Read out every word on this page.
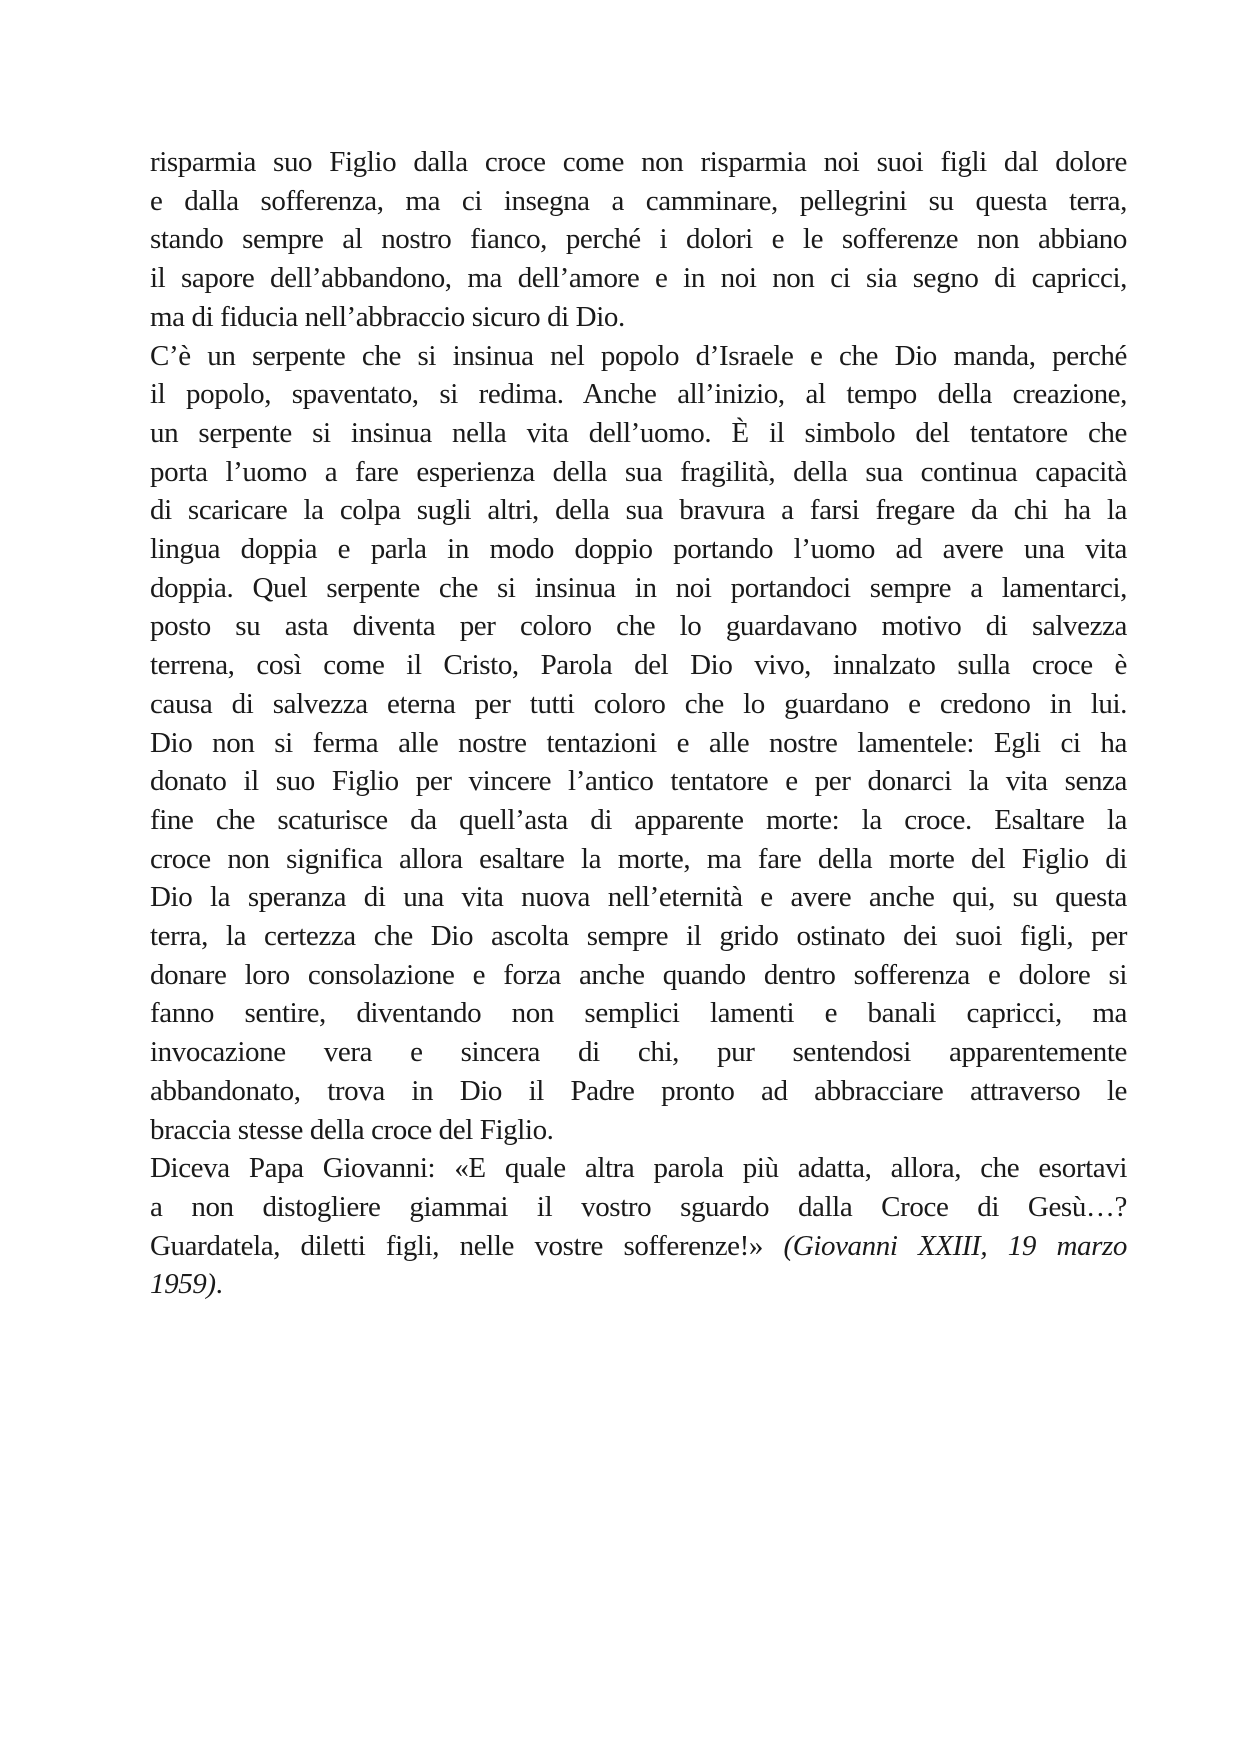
risparmia suo Figlio dalla croce come non risparmia noi suoi figli dal dolore
e dalla sofferenza, ma ci insegna a camminare, pellegrini su questa terra,
stando sempre al nostro fianco, perché i dolori e le sofferenze non abbiano
il sapore dell’abbandono, ma dell’amore e in noi non ci sia segno di capricci,
ma di fiducia nell’abbraccio sicuro di Dio.
C’è un serpente che si insinua nel popolo d’Israele e che Dio manda, perché
il popolo, spaventato, si redima. Anche all’inizio, al tempo della creazione,
un serpente si insinua nella vita dell’uomo. È il simbolo del tentatore che
porta l’uomo a fare esperienza della sua fragilità, della sua continua capacità
di scaricare la colpa sugli altri, della sua bravura a farsi fregare da chi ha la
lingua doppia e parla in modo doppio portando l’uomo ad avere una vita
doppia. Quel serpente che si insinua in noi portandoci sempre a lamentarci,
posto su asta diventa per coloro che lo guardavano motivo di salvezza
terrena, così come il Cristo, Parola del Dio vivo, innalzato sulla croce è
causa di salvezza eterna per tutti coloro che lo guardano e credono in lui.
Dio non si ferma alle nostre tentazioni e alle nostre lamentele: Egli ci ha
donato il suo Figlio per vincere l’antico tentatore e per donarci la vita senza
fine che scaturisce da quell’asta di apparente morte: la croce. Esaltare la
croce non significa allora esaltare la morte, ma fare della morte del Figlio di
Dio la speranza di una vita nuova nell’eternità e avere anche qui, su questa
terra, la certezza che Dio ascolta sempre il grido ostinato dei suoi figli, per
donare loro consolazione e forza anche quando dentro sofferenza e dolore si
fanno sentire, diventando non semplici lamenti e banali capricci, ma
invocazione vera e sincera di chi, pur sentendosi apparentemente
abbandonato, trova in Dio il Padre pronto ad abbracciare attraverso le
braccia stesse della croce del Figlio.
Diceva Papa Giovanni: «E quale altra parola più adatta, allora, che esortavi
a non distogliere giammai il vostro sguardo dalla Croce di Gesù…?
Guardatela, diletti figli, nelle vostre sofferenze!» (Giovanni XXIII, 19 marzo
1959).
